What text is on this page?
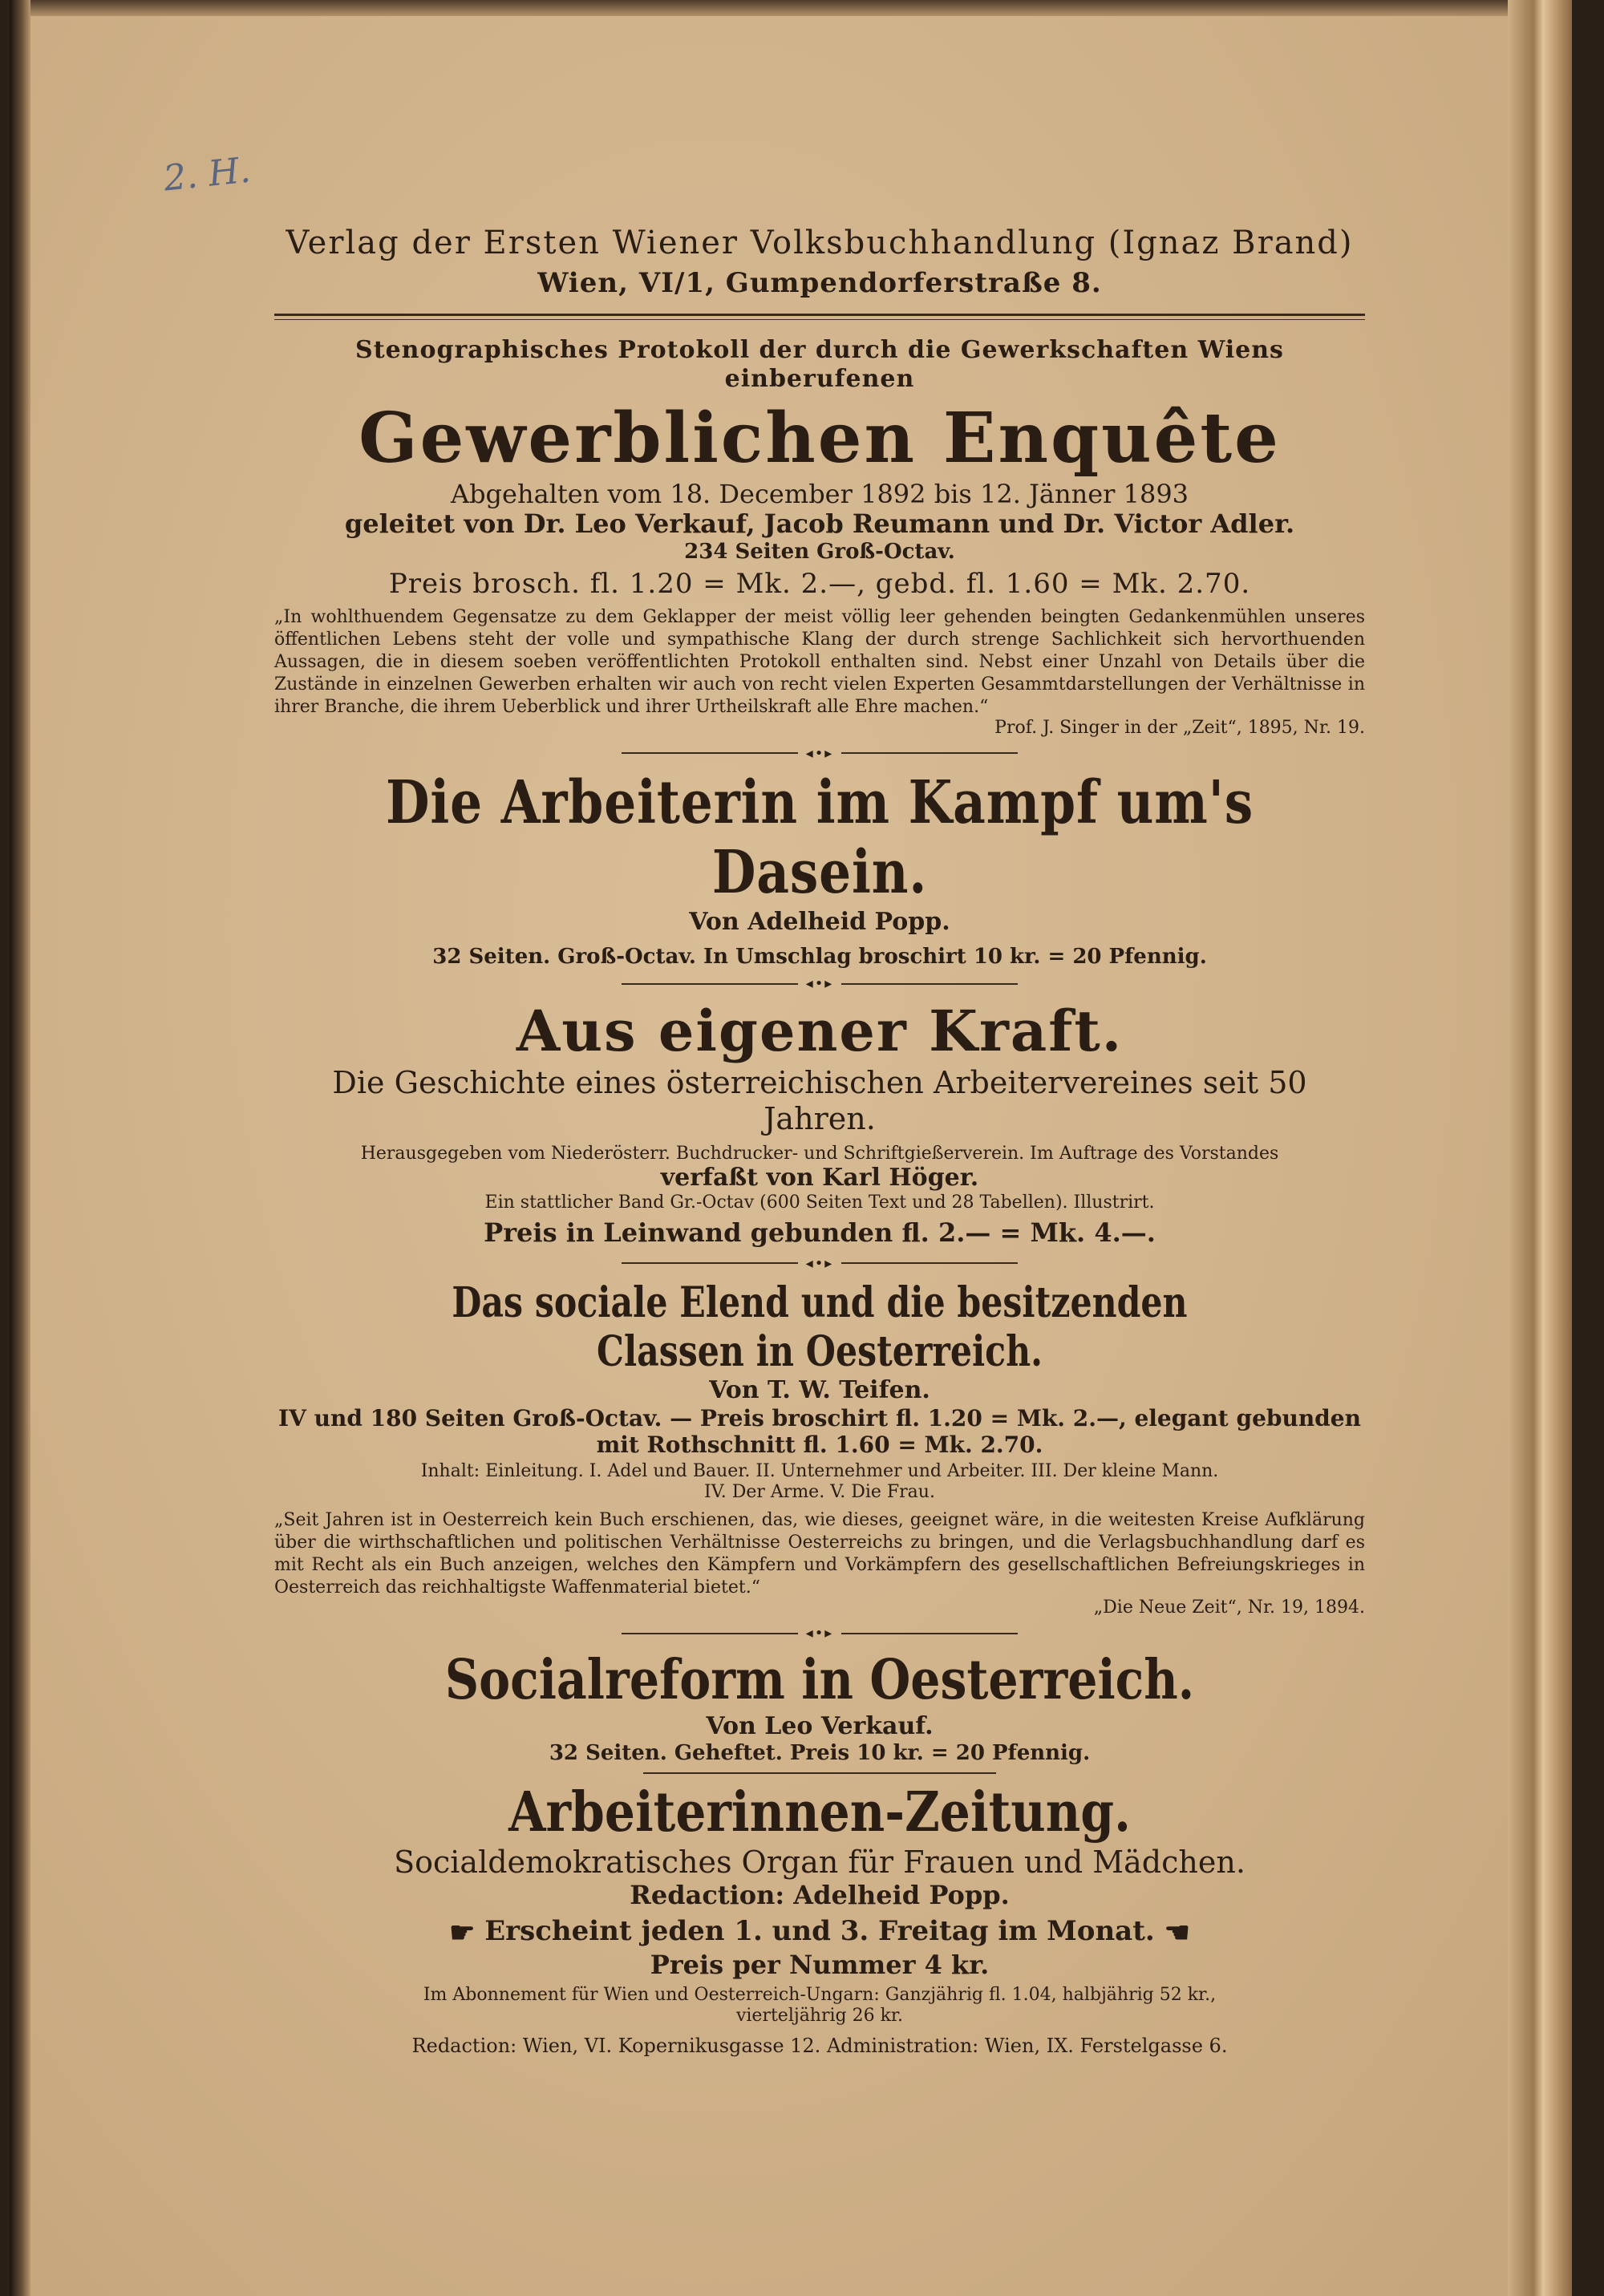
2. H.

Verlag der Ersten Wiener Volksbuchhandlung (Ignaz Brand)

Wien, VI/1, Gumpendorferstraße 8.

Stenographisches Protokoll der durch die Gewerkschaften Wiens einberufenen

Gewerblichen Enquête

Abgehalten vom 18. December 1892 bis 12. Jänner 1893

geleitet von Dr. Leo Verkauf, Jacob Reumann und Dr. Victor Adler.

234 Seiten Groß-Octav.

Preis brosch. fl. 1.20 = Mk. 2.—, gebd. fl. 1.60 = Mk. 2.70.

„In wohlthuendem Gegensatze zu dem Geklapper der meist völlig leer gehenden beingten Gedankenmühlen unseres öffentlichen Lebens steht der volle und sympathische Klang der durch strenge Sachlichkeit sich hervorthuenden Aussagen, die in diesem soeben veröffentlichten Protokoll enthalten sind. Nebst einer Unzahl von Details über die Zustände in einzelnen Gewerben erhalten wir auch von recht vielen Experten Gesammtdarstellungen der Verhältnisse in ihrer Branche, die ihrem Ueberblick und ihrer Urtheilskraft alle Ehre machen.“

Prof. J. Singer in der „Zeit“, 1895, Nr. 19.

◂•▸

Die Arbeiterin im Kampf um's Dasein.

Von Adelheid Popp.

32 Seiten. Groß-Octav. In Umschlag broschirt 10 kr. = 20 Pfennig.

◂•▸

Aus eigener Kraft.

Die Geschichte eines österreichischen Arbeitervereines seit 50 Jahren.

Herausgegeben vom Niederösterr. Buchdrucker- und Schriftgießerverein. Im Auftrage des Vorstandes

verfaßt von Karl Höger.

Ein stattlicher Band Gr.-Octav (600 Seiten Text und 28 Tabellen). Illustrirt.

Preis in Leinwand gebunden fl. 2.— = Mk. 4.—.

◂•▸

Das sociale Elend und die besitzenden Classen in Oesterreich.

Von T. W. Teifen.

IV und 180 Seiten Groß-Octav. — Preis broschirt fl. 1.20 = Mk. 2.—, elegant gebunden

mit Rothschnitt fl. 1.60 = Mk. 2.70.

Inhalt: Einleitung. I. Adel und Bauer. II. Unternehmer und Arbeiter. III. Der kleine Mann.

IV. Der Arme. V. Die Frau.

„Seit Jahren ist in Oesterreich kein Buch erschienen, das, wie dieses, geeignet wäre, in die weitesten Kreise Aufklärung über die wirthschaftlichen und politischen Verhältnisse Oesterreichs zu bringen, und die Verlagsbuchhandlung darf es mit Recht als ein Buch anzeigen, welches den Kämpfern und Vorkämpfern des gesellschaftlichen Befreiungskrieges in Oesterreich das reichhaltigste Waffenmaterial bietet.“

„Die Neue Zeit“, Nr. 19, 1894.

◂•▸

Socialreform in Oesterreich.

Von Leo Verkauf.

32 Seiten. Geheftet. Preis 10 kr. = 20 Pfennig.

Arbeiterinnen-Zeitung.

Socialdemokratisches Organ für Frauen und Mädchen.

Redaction: Adelheid Popp.

☛ Erscheint jeden 1. und 3. Freitag im Monat. ☚

Preis per Nummer 4 kr.

Im Abonnement für Wien und Oesterreich-Ungarn: Ganzjährig fl. 1.04, halbjährig 52 kr.,

vierteljährig 26 kr.

Redaction: Wien, VI. Kopernikusgasse 12. Administration: Wien, IX. Ferstelgasse 6.
